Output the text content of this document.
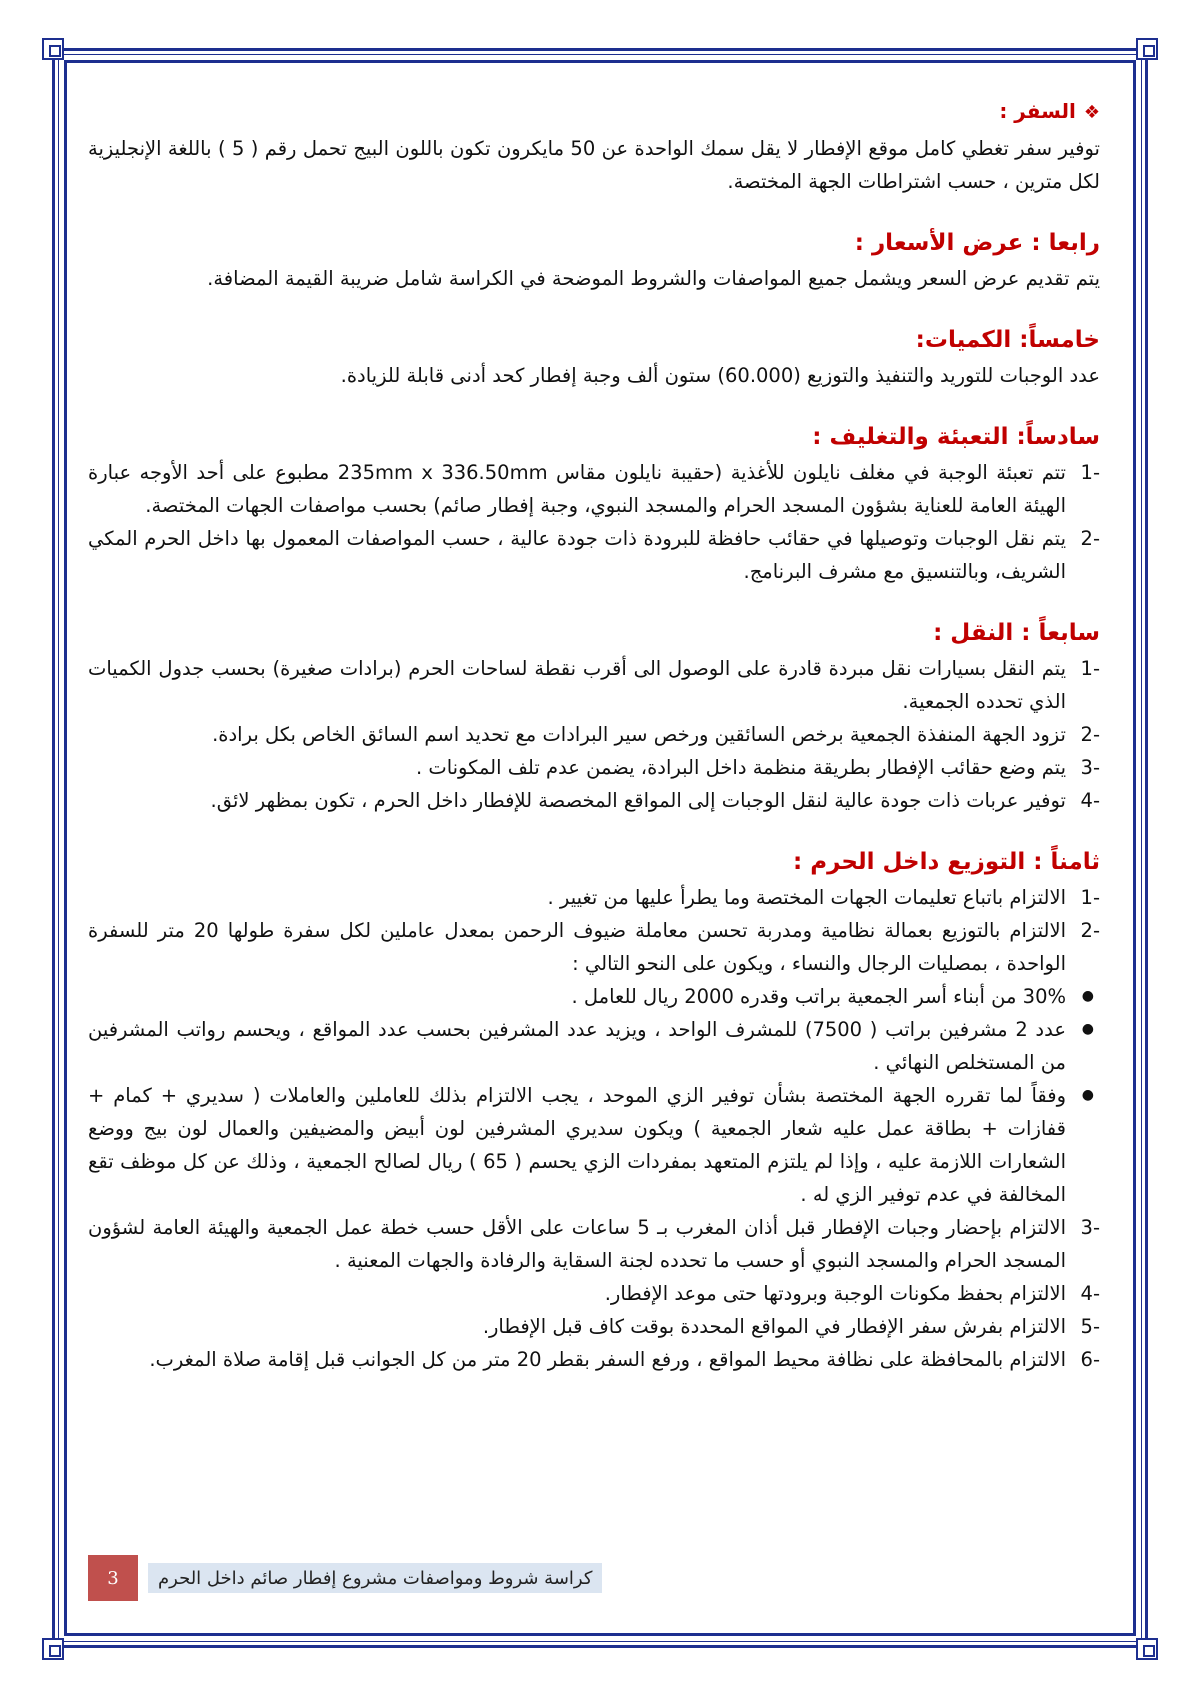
❖السفر :

توفير سفر تغطي كامل موقع الإفطار لا يقل سمك الواحدة عن 50 مايكرون تكون باللون البيج تحمل رقم ( 5 ) باللغة الإنجليزية لكل مترين ، حسب اشتراطات الجهة المختصة.

رابعا : عرض الأسعار :

يتم تقديم عرض السعر ويشمل جميع المواصفات والشروط الموضحة في الكراسة شامل ضريبة القيمة المضافة.

خامساً: الكميات:

عدد الوجبات للتوريد والتنفيذ والتوزيع (60.000) ستون ألف وجبة إفطار كحد أدنى قابلة للزيادة.

سادساً: التعبئة والتغليف :
-1
تتم تعبئة الوجبة في مغلف نايلون للأغذية (حقيبة نايلون مقاس 235mm x 336.50mm مطبوع على أحد الأوجه عبارة الهيئة العامة للعناية بشؤون المسجد الحرام والمسجد النبوي، وجبة إفطار صائم) بحسب مواصفات الجهات المختصة.
-2
يتم نقل الوجبات وتوصيلها في حقائب حافظة للبرودة ذات جودة عالية ، حسب المواصفات المعمول بها داخل الحرم المكي الشريف، وبالتنسيق مع مشرف البرنامج.
سابعاً : النقل :
-1
يتم النقل بسيارات نقل مبردة قادرة على الوصول الى أقرب نقطة لساحات الحرم (برادات صغيرة) بحسب جدول الكميات الذي تحدده الجمعية.
-2
تزود الجهة المنفذة الجمعية برخص السائقين ورخص سير البرادات مع تحديد اسم السائق الخاص بكل برادة.
-3
يتم وضع حقائب الإفطار بطريقة منظمة داخل البرادة، يضمن عدم تلف المكونات .
-4
توفير عربات ذات جودة عالية لنقل الوجبات إلى المواقع المخصصة للإفطار داخل الحرم ، تكون بمظهر لائق.
ثامناً : التوزيع داخل الحرم :
-1
الالتزام باتباع تعليمات الجهات المختصة وما يطرأ عليها من تغيير .
-2
الالتزام بالتوزيع بعمالة نظامية ومدربة تحسن معاملة ضيوف الرحمن بمعدل عاملين لكل سفرة طولها 20 متر للسفرة الواحدة ، بمصليات الرجال والنساء ، ويكون على النحو التالي :
●
30% من أبناء أسر الجمعية براتب وقدره 2000 ريال للعامل .
●
عدد 2 مشرفين براتب ( 7500) للمشرف الواحد ، ويزيد عدد المشرفين بحسب عدد المواقع ، ويحسم رواتب المشرفين من المستخلص النهائي .
●
وفقاً لما تقرره الجهة المختصة بشأن توفير الزي الموحد ، يجب الالتزام بذلك للعاملين والعاملات ( سديري + كمام + قفازات + بطاقة عمل عليه شعار الجمعية ) ويكون سديري المشرفين لون أبيض والمضيفين والعمال لون بيج ووضع الشعارات اللازمة عليه ، وإذا لم يلتزم المتعهد بمفردات الزي يحسم ( 65 ) ريال لصالح الجمعية ، وذلك عن كل موظف تقع المخالفة في عدم توفير الزي له .
-3
الالتزام بإحضار وجبات الإفطار قبل أذان المغرب بـ 5 ساعات على الأقل حسب خطة عمل الجمعية والهيئة العامة لشؤون المسجد الحرام والمسجد النبوي أو حسب ما تحدده لجنة السقاية والرفادة والجهات المعنية .
-4
الالتزام بحفظ مكونات الوجبة وبرودتها حتى موعد الإفطار.
-5
الالتزام بفرش سفر الإفطار في المواقع المحددة بوقت كاف قبل الإفطار.
-6
الالتزام بالمحافظة على نظافة محيط المواقع ، ورفع السفر بقطر 20 متر من كل الجوانب قبل إقامة صلاة المغرب.
3	كراسة شروط ومواصفات مشروع إفطار صائم داخل الحرم
